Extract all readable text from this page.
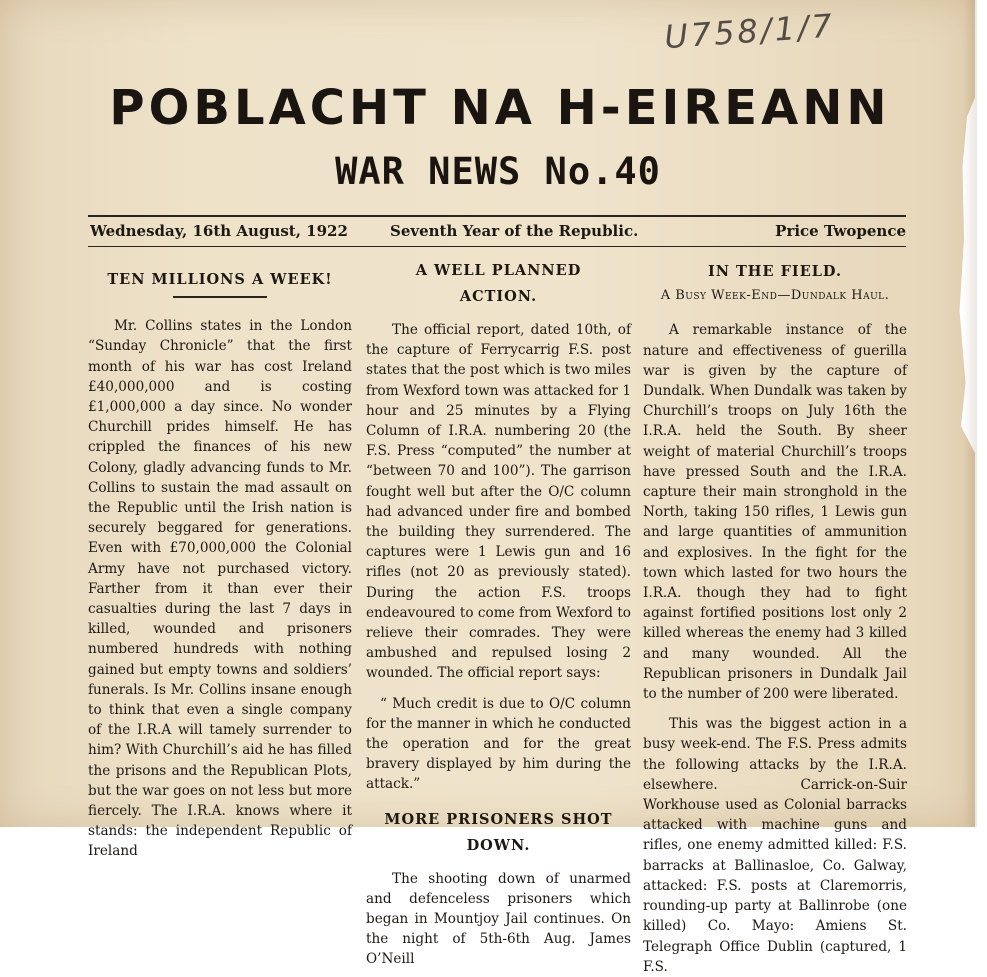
U758/1/7
POBLACHT NA H-EIREANN
WAR NEWS No.40
Wednesday, 16th August, 1922	Seventh Year of the Republic.	Price Twopence
TEN MILLIONS A WEEK!

Mr. Collins states in the London “Sunday Chronicle” that the first month of his war has cost Ireland £40,000,000 and is costing £1,000,000 a day since. No wonder Churchill prides himself. He has crippled the finances of his new Colony, gladly advancing funds to Mr. Collins to sustain the mad assault on the Republic until the Irish nation is securely beggared for generations. Even with £70,000,000 the Colonial Army have not purchased victory. Farther from it than ever their casualties during the last 7 days in killed, wounded and prisoners numbered hundreds with nothing gained but empty towns and soldiers’ funerals. Is Mr. Collins insane enough to think that even a single company of the I.R.A will tamely surrender to him? With Churchill’s aid he has filled the prisons and the Republican Plots, but the war goes on not less but more fiercely. The I.R.A. knows where it stands: the independent Republic of Ireland

A WELL PLANNED ACTION.

The official report, dated 10th, of the capture of Ferrycarrig F.S. post states that the post which is two miles from Wexford town was attacked for 1 hour and 25 minutes by a Flying Column of I.R.A. numbering 20 (the F.S. Press “computed” the number at “between 70 and 100”). The garrison fought well but after the O/C column had advanced under fire and bombed the building they surrendered. The captures were 1 Lewis gun and 16 rifles (not 20 as previously stated). During the action F.S. troops endeavoured to come from Wexford to relieve their comrades. They were ambushed and repulsed losing 2 wounded. The official report says:

“ Much credit is due to O/C column for the manner in which he conducted the operation and for the great bravery displayed by him during the attack.”

MORE PRISONERS SHOT DOWN.

The shooting down of unarmed and defenceless prisoners which began in Mountjoy Jail continues. On the night of 5th-6th Aug. James O’Neill

IN THE FIELD.
A Busy Week-End—Dundalk Haul.

A remarkable instance of the nature and effectiveness of guerilla war is given by the capture of Dundalk. When Dundalk was taken by Churchill’s troops on July 16th the I.R.A. held the South. By sheer weight of material Churchill’s troops have pressed South and the I.R.A. capture their main stronghold in the North, taking 150 rifles, 1 Lewis gun and large quantities of ammunition and explosives. In the fight for the town which lasted for two hours the I.R.A. though they had to fight against fortified positions lost only 2 killed whereas the enemy had 3 killed and many wounded. All the Republican prisoners in Dundalk Jail to the number of 200 were liberated.

This was the biggest action in a busy week-end. The F.S. Press admits the following attacks by the I.R.A. elsewhere. Carrick-on-Suir Workhouse used as Colonial barracks attacked with machine guns and rifles, one enemy admitted killed: F.S. barracks at Ballinasloe, Co. Galway, attacked: F.S. posts at Claremorris, rounding-up party at Ballinrobe (one killed) Co. Mayo: Amiens St. Telegraph Office Dublin (captured, 1 F.S.
